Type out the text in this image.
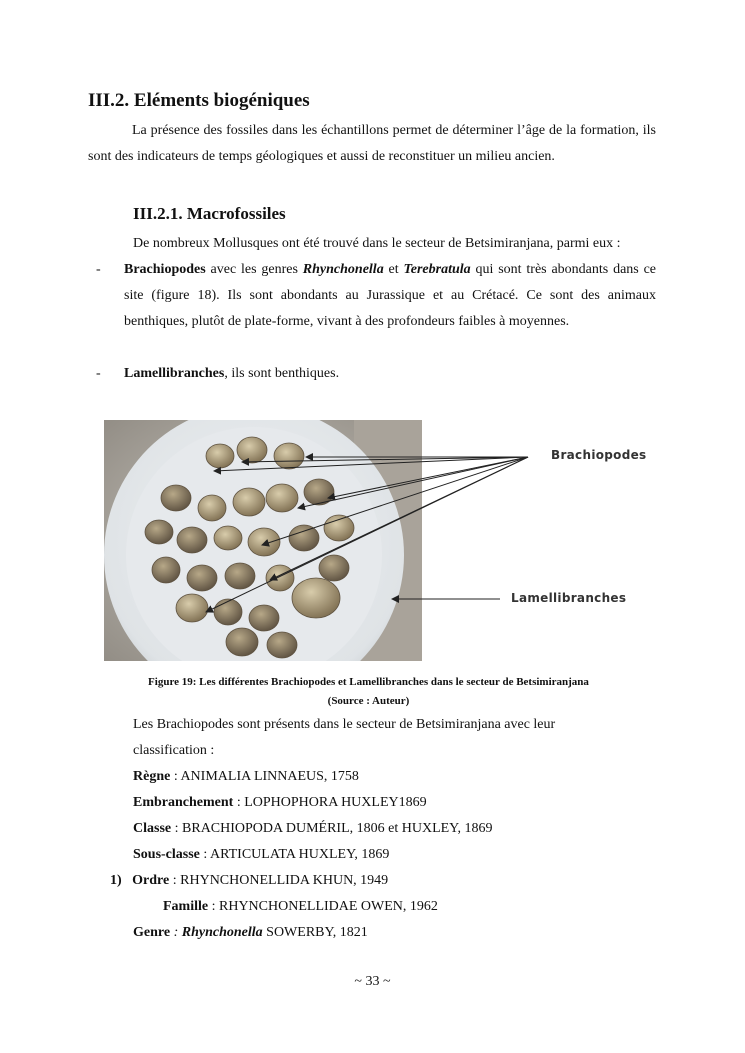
III.2. Eléments biogéniques
La présence des fossiles dans les échantillons permet de déterminer l’âge de la formation, ils sont des indicateurs de temps géologiques et aussi de reconstituer un milieu ancien.
III.2.1. Macrofossiles
De nombreux Mollusques ont été trouvé dans le secteur de Betsimiranjana, parmi eux :
- Brachiopodes avec les genres Rhynchonella et Terebratula qui sont très abondants dans ce site (figure 18). Ils sont abondants au Jurassique et au Crétacé. Ce sont des animaux benthiques, plutôt de plate-forme, vivant à des profondeurs faibles à moyennes.
- Lamellibranches, ils sont benthiques.
Brachiopodes
Lamellibranches
Figure 19: Les différentes Brachiopodes et Lamellibranches dans le secteur de Betsimiranjana
(Source : Auteur)
Les Brachiopodes sont présents dans le secteur de Betsimiranjana avec leur classification :
Règne : ANIMALIA LINNAEUS, 1758
Embranchement : LOPHOPHORA HUXLEY1869
Classe : BRACHIOPODA DUMÉRIL, 1806 et HUXLEY, 1869
Sous-classe : ARTICULATA HUXLEY, 1869
1) Ordre : RHYNCHONELLIDA KHUN, 1949
Famille : RHYNCHONELLIDAE OWEN, 1962
Genre : Rhynchonella SOWERBY, 1821
~ 33 ~
